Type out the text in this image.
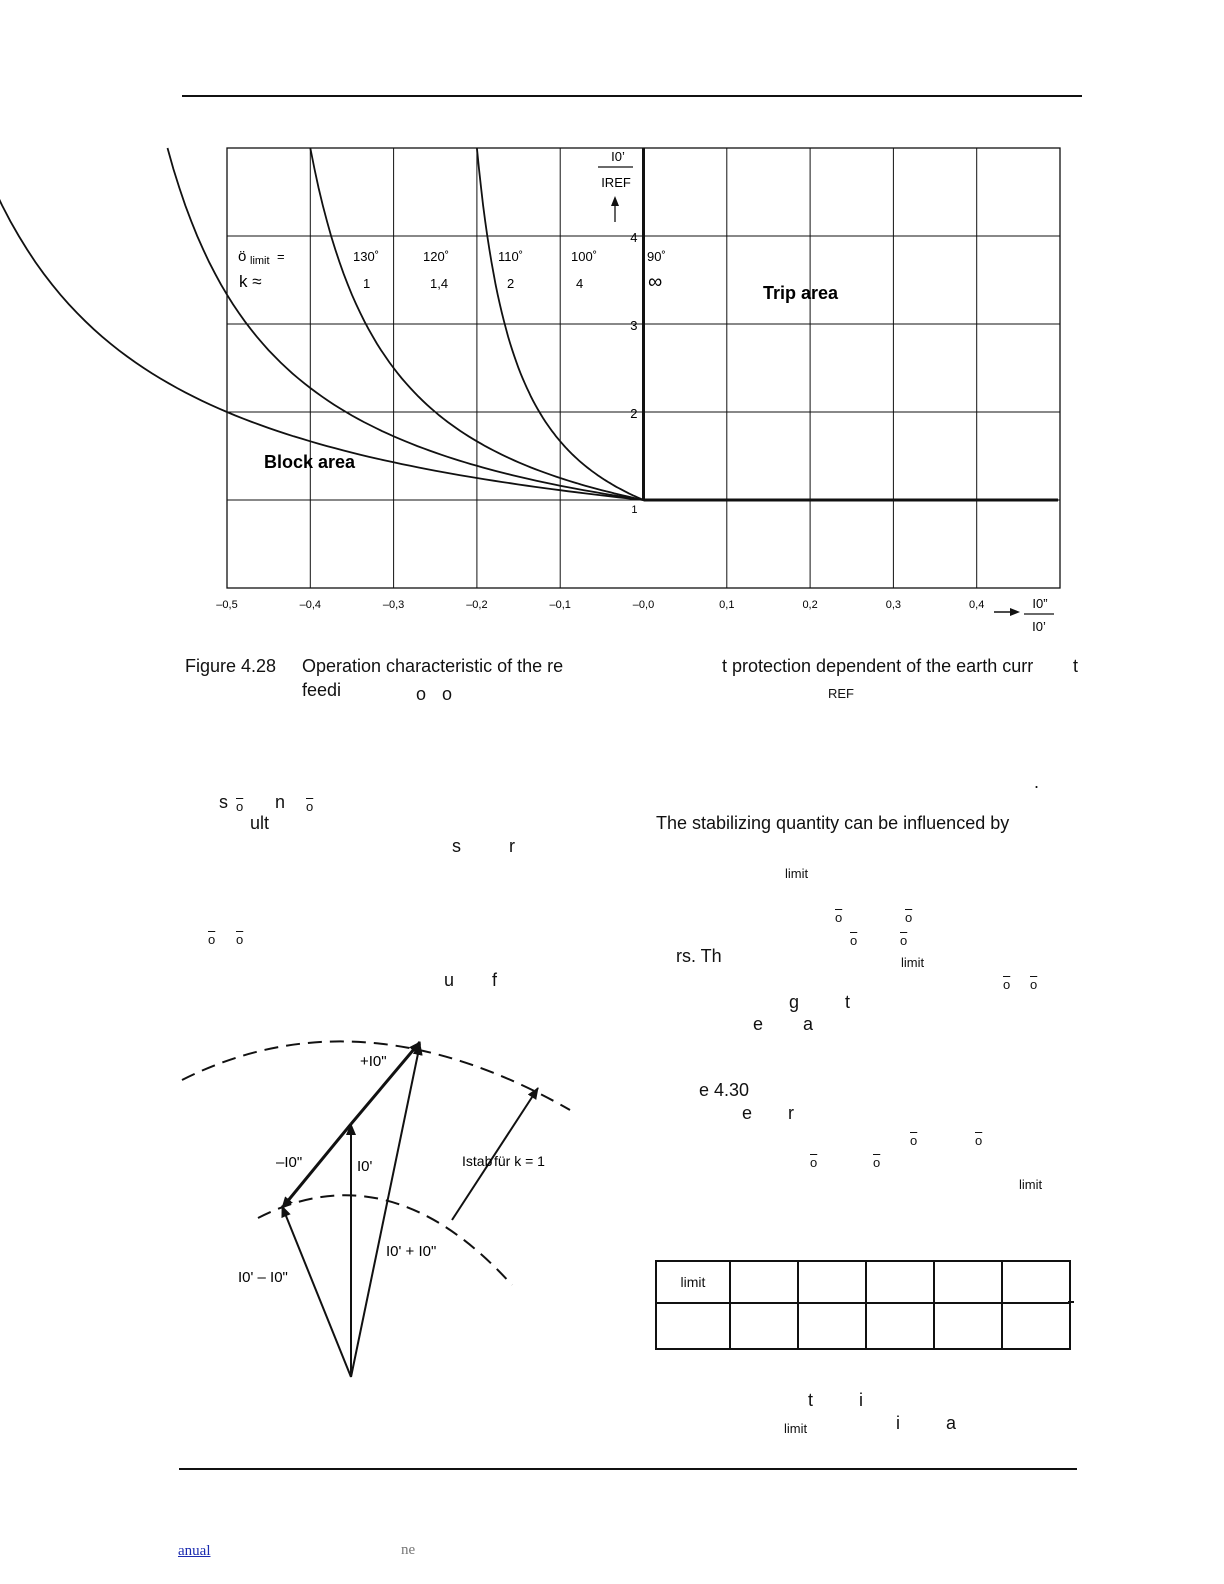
–0,5	–0,4	–0,3	–0,2	–0,1	–0,0	0,1	0,2	0,3	0,4
1
2
3
4
I0’
IREF
I0”
I0’
ö limit =
k ≈
130˚
1
120˚
1,4
110˚
2
100˚
4
90˚
∞	Trip area
Block area
Figure 4.28 Operation characteristic of the re	t protection dependent of the earth curr t
feedi	o o	REF
s $\overline{o}$ n $\overline{o}$
ult
s	r
$\overline{o}$ $\overline{o}$
u f
.
The stabilizing quantity can be influenced by
limit
$\overline{o}$	$\overline{o}$
$\overline{o}$	$\overline{o}$
rs. Th	limit
$\overline{o}$ $\overline{o}$
g	t
e a
e 4.30
e r
$\overline{o}$	$\overline{o}$
$\overline{o}$	$\overline{o}$
limit
limit					

t	i
limit	i	a
+I0"
–I0"	I0'
I0' + I0"
I0' – I0"
Istab für k = 1
anual	ne
